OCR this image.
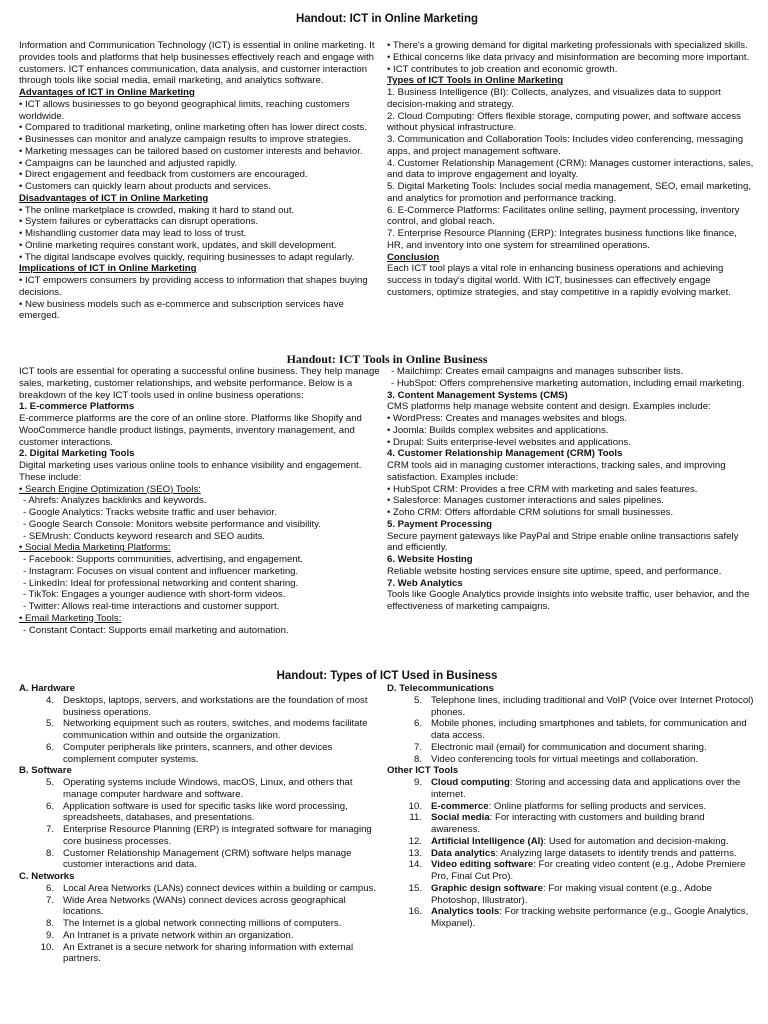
Handout: ICT in Online Marketing

Information and Communication Technology (ICT) is essential in online marketing. It provides tools and platforms that help businesses effectively reach and engage with customers. ICT enhances communication, data analysis, and customer interaction through tools like social media, email marketing, and analytics software.

Advantages of ICT in Online Marketing

• ICT allows businesses to go beyond geographical limits, reaching customers worldwide.

• Compared to traditional marketing, online marketing often has lower direct costs.

• Businesses can monitor and analyze campaign results to improve strategies.

• Marketing messages can be tailored based on customer interests and behavior.

• Campaigns can be launched and adjusted rapidly.

• Direct engagement and feedback from customers are encouraged.

• Customers can quickly learn about products and services.

Disadvantages of ICT in Online Marketing

• The online marketplace is crowded, making it hard to stand out.

• System failures or cyberattacks can disrupt operations.

• Mishandling customer data may lead to loss of trust.

• Online marketing requires constant work, updates, and skill development.

• The digital landscape evolves quickly, requiring businesses to adapt regularly.

Implications of ICT in Online Marketing

• ICT empowers consumers by providing access to information that shapes buying decisions.

• New business models such as e-commerce and subscription services have emerged.

• There's a growing demand for digital marketing professionals with specialized skills.

• Ethical concerns like data privacy and misinformation are becoming more important.

• ICT contributes to job creation and economic growth.

Types of ICT Tools in Online Marketing

1. Business Intelligence (BI): Collects, analyzes, and visualizes data to support decision-making and strategy.

2. Cloud Computing: Offers flexible storage, computing power, and software access without physical infrastructure.

3. Communication and Collaboration Tools: Includes video conferencing, messaging apps, and project management software.

4. Customer Relationship Management (CRM): Manages customer interactions, sales, and data to improve engagement and loyalty.

5. Digital Marketing Tools: Includes social media management, SEO, email marketing, and analytics for promotion and performance tracking.

6. E-Commerce Platforms: Facilitates online selling, payment processing, inventory control, and global reach.

7. Enterprise Resource Planning (ERP): Integrates business functions like finance, HR, and inventory into one system for streamlined operations.

Conclusion

Each ICT tool plays a vital role in enhancing business operations and achieving success in today's digital world. With ICT, businesses can effectively engage customers, optimize strategies, and stay competitive in a rapidly evolving market.

Handout: ICT Tools in Online Business

ICT tools are essential for operating a successful online business. They help manage sales, marketing, customer relationships, and website performance. Below is a breakdown of the key ICT tools used in online business operations:

1. E-commerce Platforms

E-commerce platforms are the core of an online store. Platforms like Shopify and WooCommerce handle product listings, payments, inventory management, and customer interactions.

2. Digital Marketing Tools

Digital marketing uses various online tools to enhance visibility and engagement. These include:

• Search Engine Optimization (SEO) Tools:

- Ahrefs: Analyzes backlinks and keywords.

- Google Analytics: Tracks website traffic and user behavior.

- Google Search Console: Monitors website performance and visibility.

- SEMrush: Conducts keyword research and SEO audits.

• Social Media Marketing Platforms:

- Facebook: Supports communities, advertising, and engagement.

- Instagram: Focuses on visual content and influencer marketing.

- LinkedIn: Ideal for professional networking and content sharing.

- TikTok: Engages a younger audience with short-form videos.

- Twitter: Allows real-time interactions and customer support.

• Email Marketing Tools:

- Constant Contact: Supports email marketing and automation.

- Mailchimp: Creates email campaigns and manages subscriber lists.

- HubSpot: Offers comprehensive marketing automation, including email marketing.

3. Content Management Systems (CMS)

CMS platforms help manage website content and design. Examples include:

• WordPress: Creates and manages websites and blogs.

• Joomla: Builds complex websites and applications.

• Drupal: Suits enterprise-level websites and applications.

4. Customer Relationship Management (CRM) Tools

CRM tools aid in managing customer interactions, tracking sales, and improving satisfaction. Examples include:

• HubSpot CRM: Provides a free CRM with marketing and sales features.

• Salesforce: Manages customer interactions and sales pipelines.

• Zoho CRM: Offers affordable CRM solutions for small businesses.

5. Payment Processing

Secure payment gateways like PayPal and Stripe enable online transactions safely and efficiently.

6. Website Hosting

Reliable website hosting services ensure site uptime, speed, and performance.

7. Web Analytics

Tools like Google Analytics provide insights into website traffic, user behavior, and the effectiveness of marketing campaigns.

Handout: Types of ICT Used in Business

A. Hardware

4. Desktops, laptops, servers, and workstations are the foundation of most business operations.
5. Networking equipment such as routers, switches, and modems facilitate communication within and outside the organization.
6. Computer peripherals like printers, scanners, and other devices complement computer systems.

B. Software

5. Operating systems include Windows, macOS, Linux, and others that manage computer hardware and software.
6. Application software is used for specific tasks like word processing, spreadsheets, databases, and presentations.
7. Enterprise Resource Planning (ERP) is integrated software for managing core business processes.
8. Customer Relationship Management (CRM) software helps manage customer interactions and data.

C. Networks

6. Local Area Networks (LANs) connect devices within a building or campus.
7. Wide Area Networks (WANs) connect devices across geographical locations.
8. The Internet is a global network connecting millions of computers.
9. An Intranet is a private network within an organization.
10. An Extranet is a secure network for sharing information with external partners.

D. Telecommunications

5. Telephone lines, including traditional and VoIP (Voice over Internet Protocol) phones.
6. Mobile phones, including smartphones and tablets, for communication and data access.
7. Electronic mail (email) for communication and document sharing.
8. Video conferencing tools for virtual meetings and collaboration.

Other ICT Tools

9. Cloud computing: Storing and accessing data and applications over the internet.
10. E-commerce: Online platforms for selling products and services.
11. Social media: For interacting with customers and building brand awareness.
12. Artificial Intelligence (AI): Used for automation and decision-making.
13. Data analytics: Analyzing large datasets to identify trends and patterns.
14. Video editing software: For creating video content (e.g., Adobe Premiere Pro, Final Cut Pro).
15. Graphic design software: For making visual content (e.g., Adobe Photoshop, Illustrator).
16. Analytics tools: For tracking website performance (e.g., Google Analytics, Mixpanel).
